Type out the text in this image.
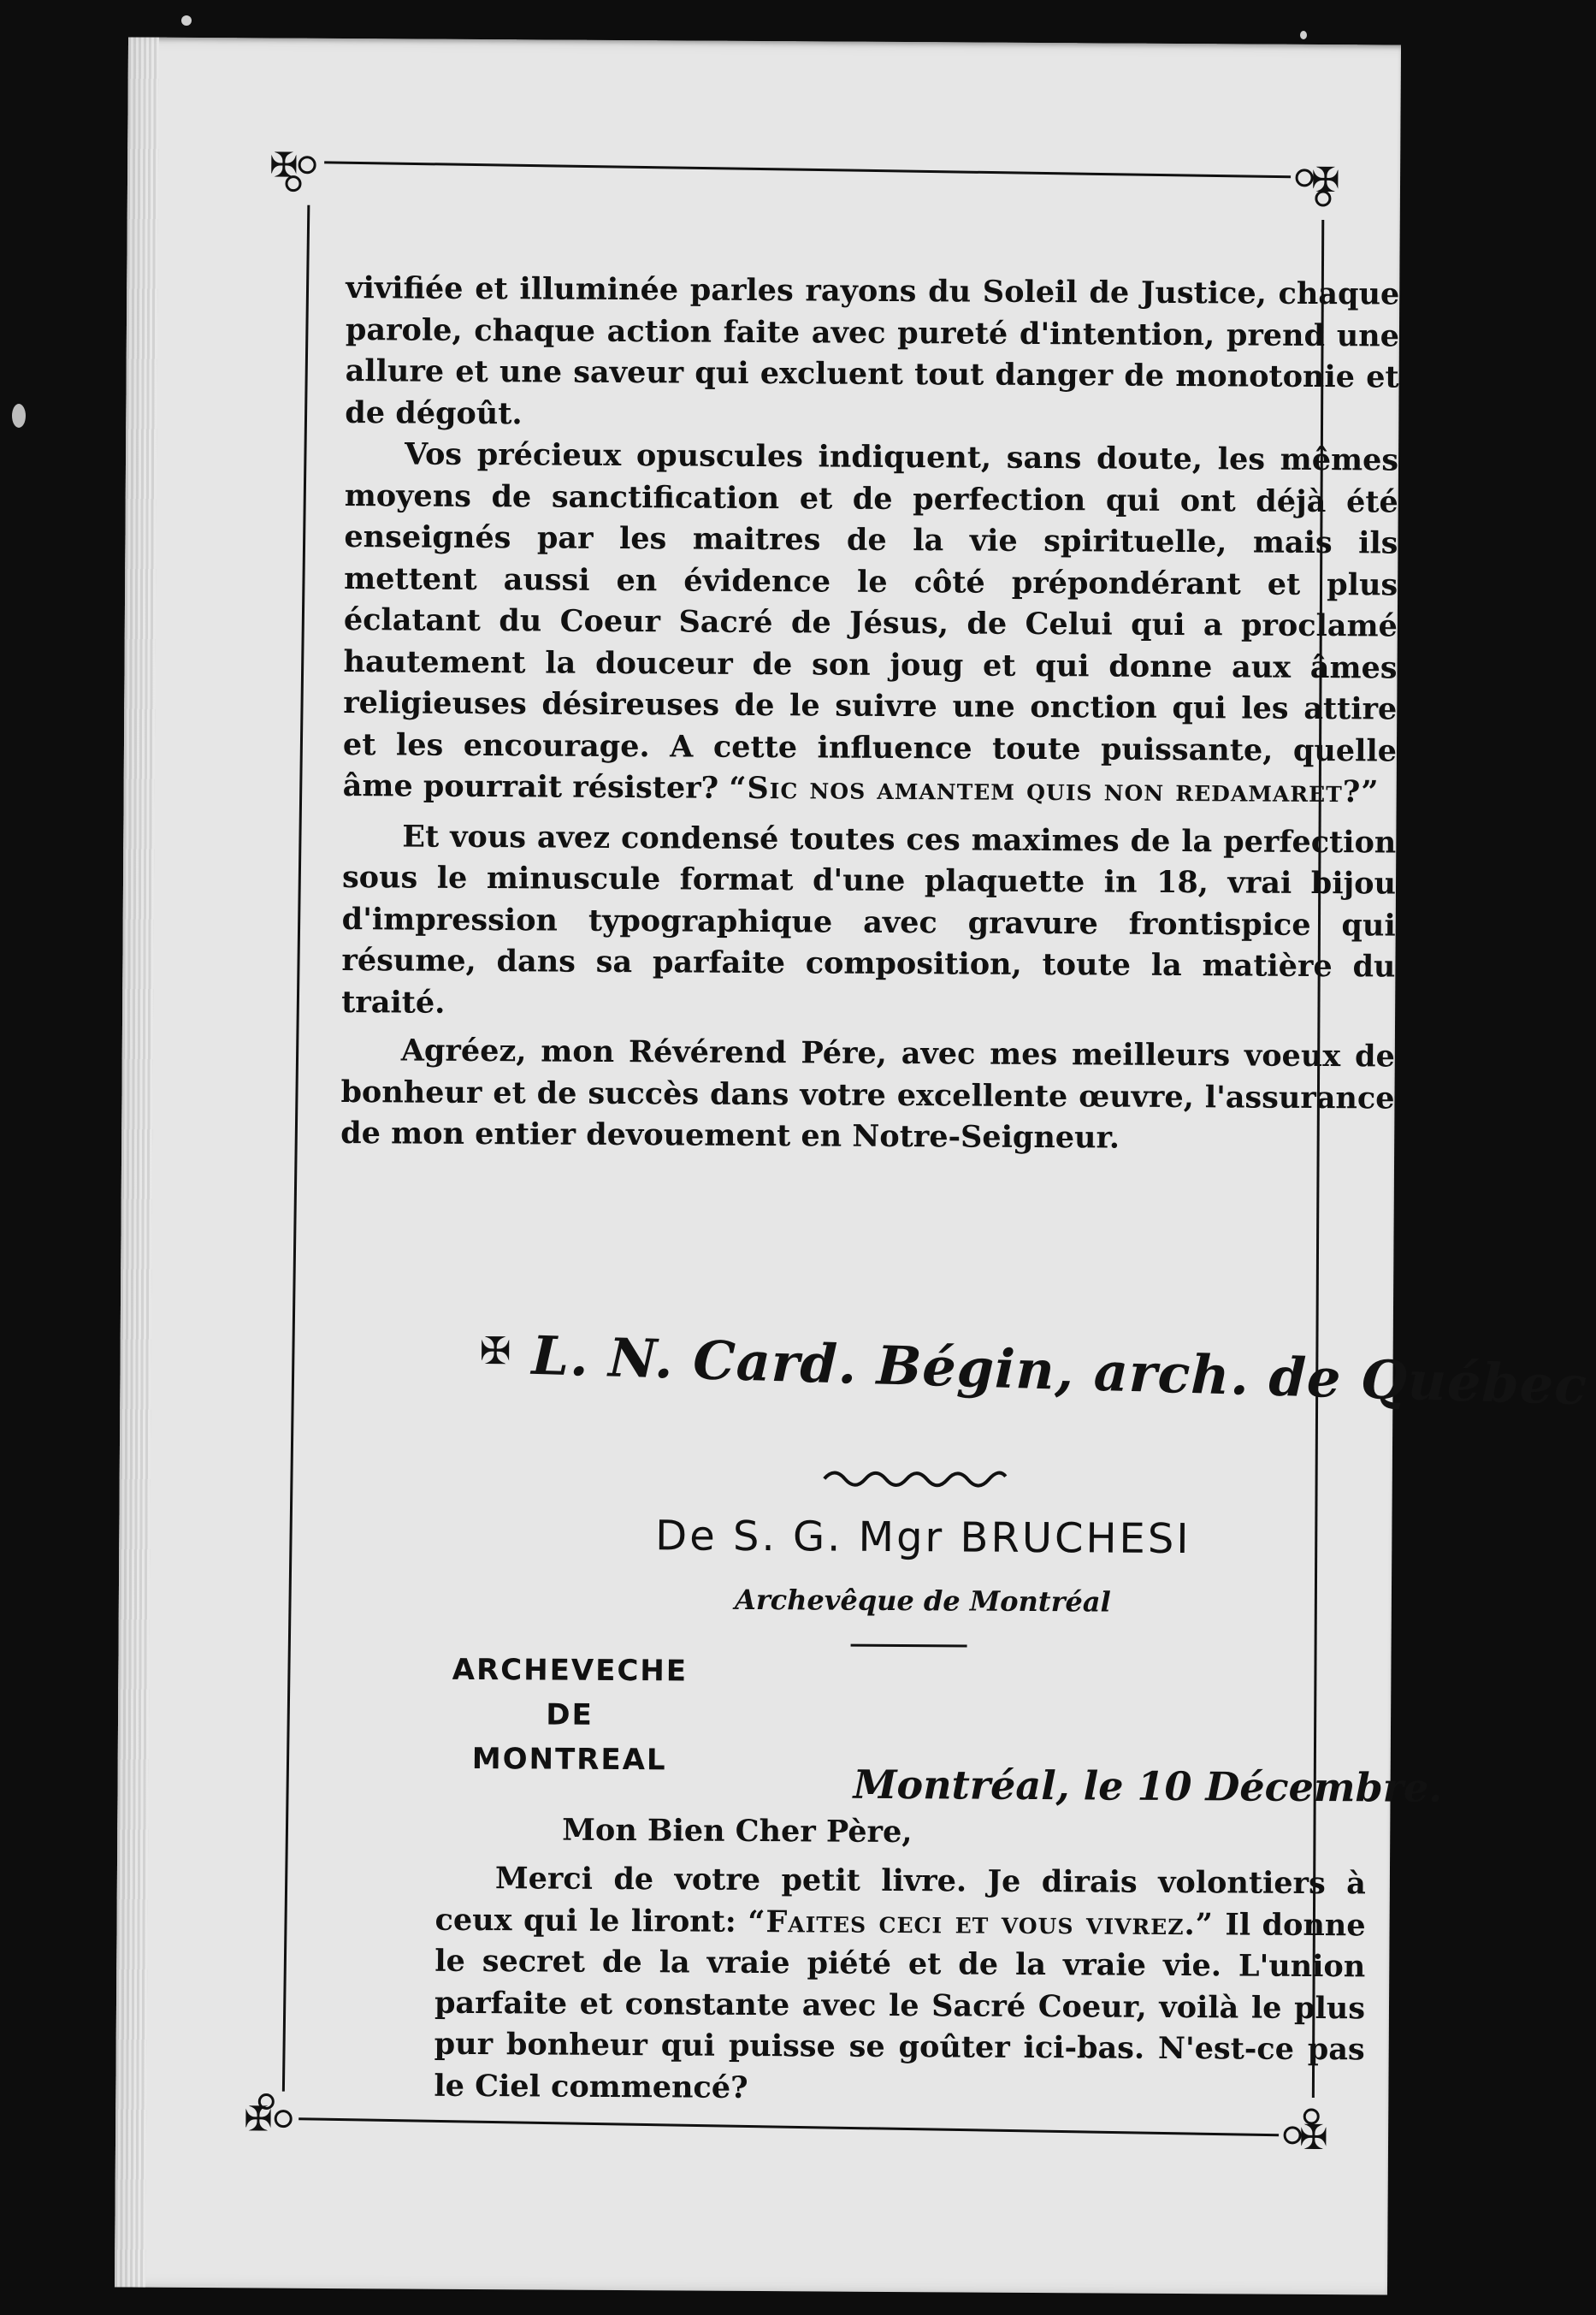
✠	✠
✠	✠

vivifiée et illuminée parles rayons du Soleil de Justice, chaque parole, chaque action faite avec pureté d'intention, prend une allure et une saveur qui excluent tout danger de monotonie et de dégoût.

Vos précieux opuscules indiquent, sans doute, les mêmes moyens de sanctification et de perfection qui ont déjà été enseignés par les maitres de la vie spirituelle, mais ils mettent aussi en évidence le côté prépondérant et plus éclatant du Coeur Sacré de Jésus, de Celui qui a proclamé hautement la douceur de son joug et qui donne aux âmes religieuses désireuses de le suivre une onction qui les attire et les encourage. A cette influence toute puissante, quelle âme pourrait résister? “Sic nos amantem quis non redamaret?”

Et vous avez condensé toutes ces maximes de la perfection sous le minuscule format d'une plaquette in 18, vrai bijou d'impression typographique avec gravure frontispice qui résume, dans sa parfaite composition, toute la matière du traité.

Agréez, mon Révérend Pére, avec mes meilleurs voeux de bonheur et de succès dans votre excellente œuvre, l'assurance de mon entier devouement en Notre-Seigneur.

✠ L. N. Card. Bégin, arch. de Québec
De S. G. Mgr BRUCHESI
Archevêque de Montréal
ARCHEVECHE
DE
MONTREAL
Montréal, le 10 Décembre.
Mon Bien Cher Père,

Merci de votre petit livre. Je dirais volontiers à ceux qui le liront: “Faites ceci et vous vivrez.” Il donne le secret de la vraie piété et de la vraie vie. L'union parfaite et constante avec le Sacré Coeur, voilà le plus pur bonheur qui puisse se goûter ici-bas. N'est-ce pas le Ciel commencé?
